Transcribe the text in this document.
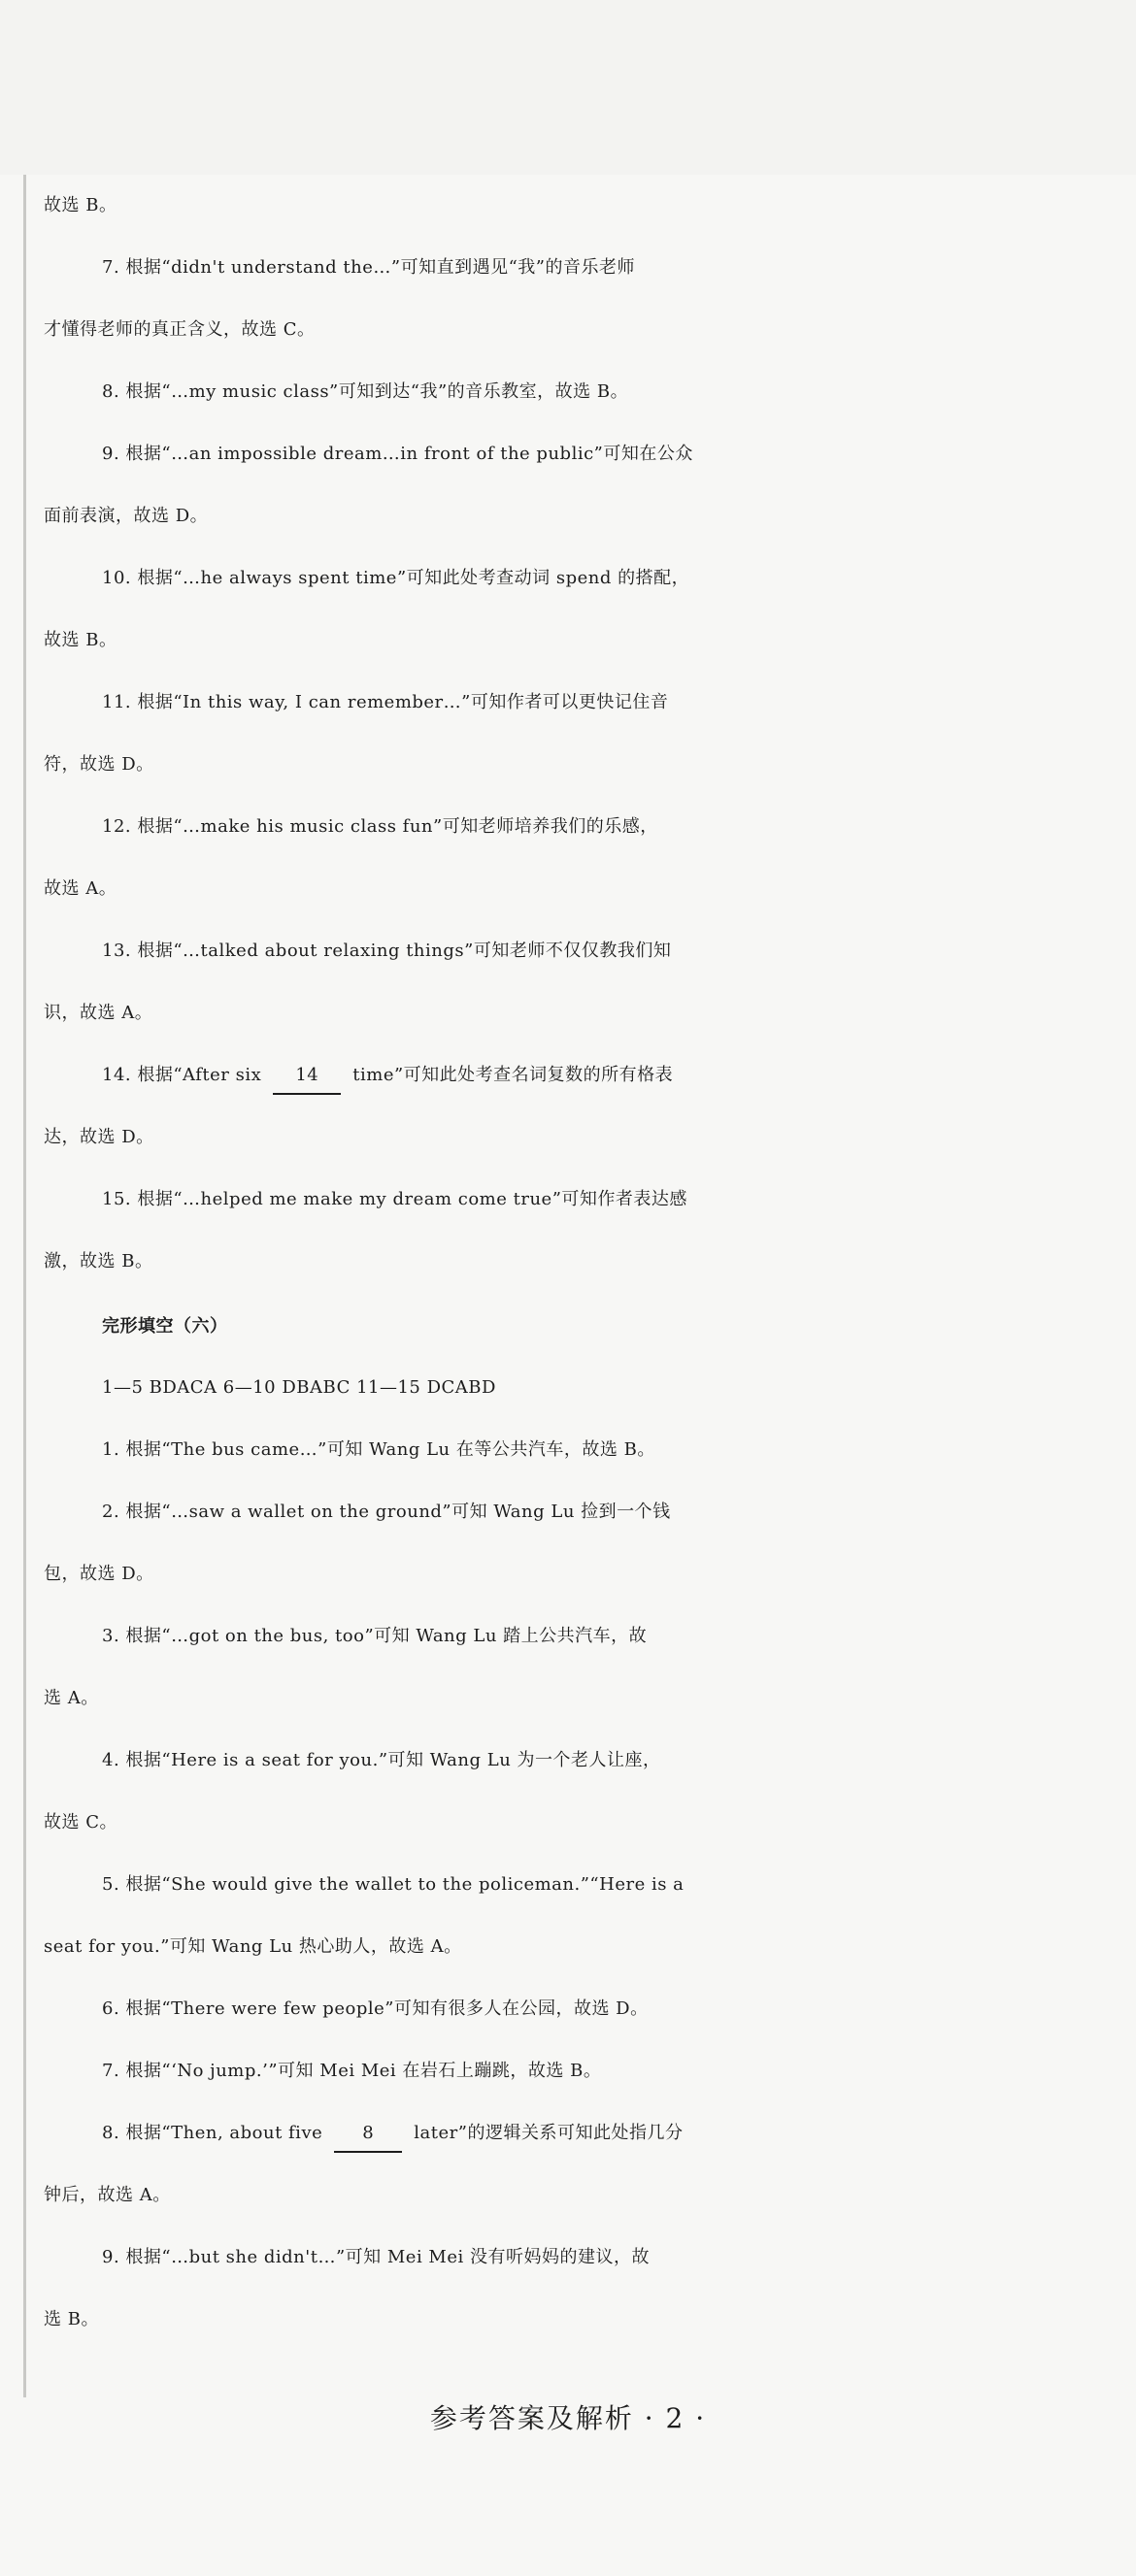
故选 B。
7. 根据“didn't understand the…”可知直到遇见“我”的音乐老师
才懂得老师的真正含义，故选 C。
8. 根据“…my music class”可知到达“我”的音乐教室，故选 B。
9. 根据“…an impossible dream…in front of the public”可知在公众
面前表演，故选 D。
10. 根据“…he always spent time”可知此处考查动词 spend 的搭配，
故选 B。
11. 根据“In this way, I can remember…”可知作者可以更快记住音
符，故选 D。
12. 根据“…make his music class fun”可知老师培养我们的乐感，
故选 A。
13. 根据“…talked about relaxing things”可知老师不仅仅教我们知
识，故选 A。
14. 根据“After six 14 time”可知此处考查名词复数的所有格表
达，故选 D。
15. 根据“…helped me make my dream come true”可知作者表达感
激，故选 B。
完形填空（六）
1—5 BDACA 6—10 DBABC 11—15 DCABD
1. 根据“The bus came…”可知 Wang Lu 在等公共汽车，故选 B。
2. 根据“…saw a wallet on the ground”可知 Wang Lu 捡到一个钱
包，故选 D。
3. 根据“…got on the bus, too”可知 Wang Lu 踏上公共汽车，故
选 A。
4. 根据“Here is a seat for you.”可知 Wang Lu 为一个老人让座，
故选 C。
5. 根据“She would give the wallet to the policeman.”“Here is a
seat for you.”可知 Wang Lu 热心助人，故选 A。
6. 根据“There were few people”可知有很多人在公园，故选 D。
7. 根据“‘No jump.’”可知 Mei Mei 在岩石上蹦跳，故选 B。
8. 根据“Then, about five 8 later”的逻辑关系可知此处指几分
钟后，故选 A。
9. 根据“…but she didn't…”可知 Mei Mei 没有听妈妈的建议，故
选 B。
参考答案及解析 · 2 ·
